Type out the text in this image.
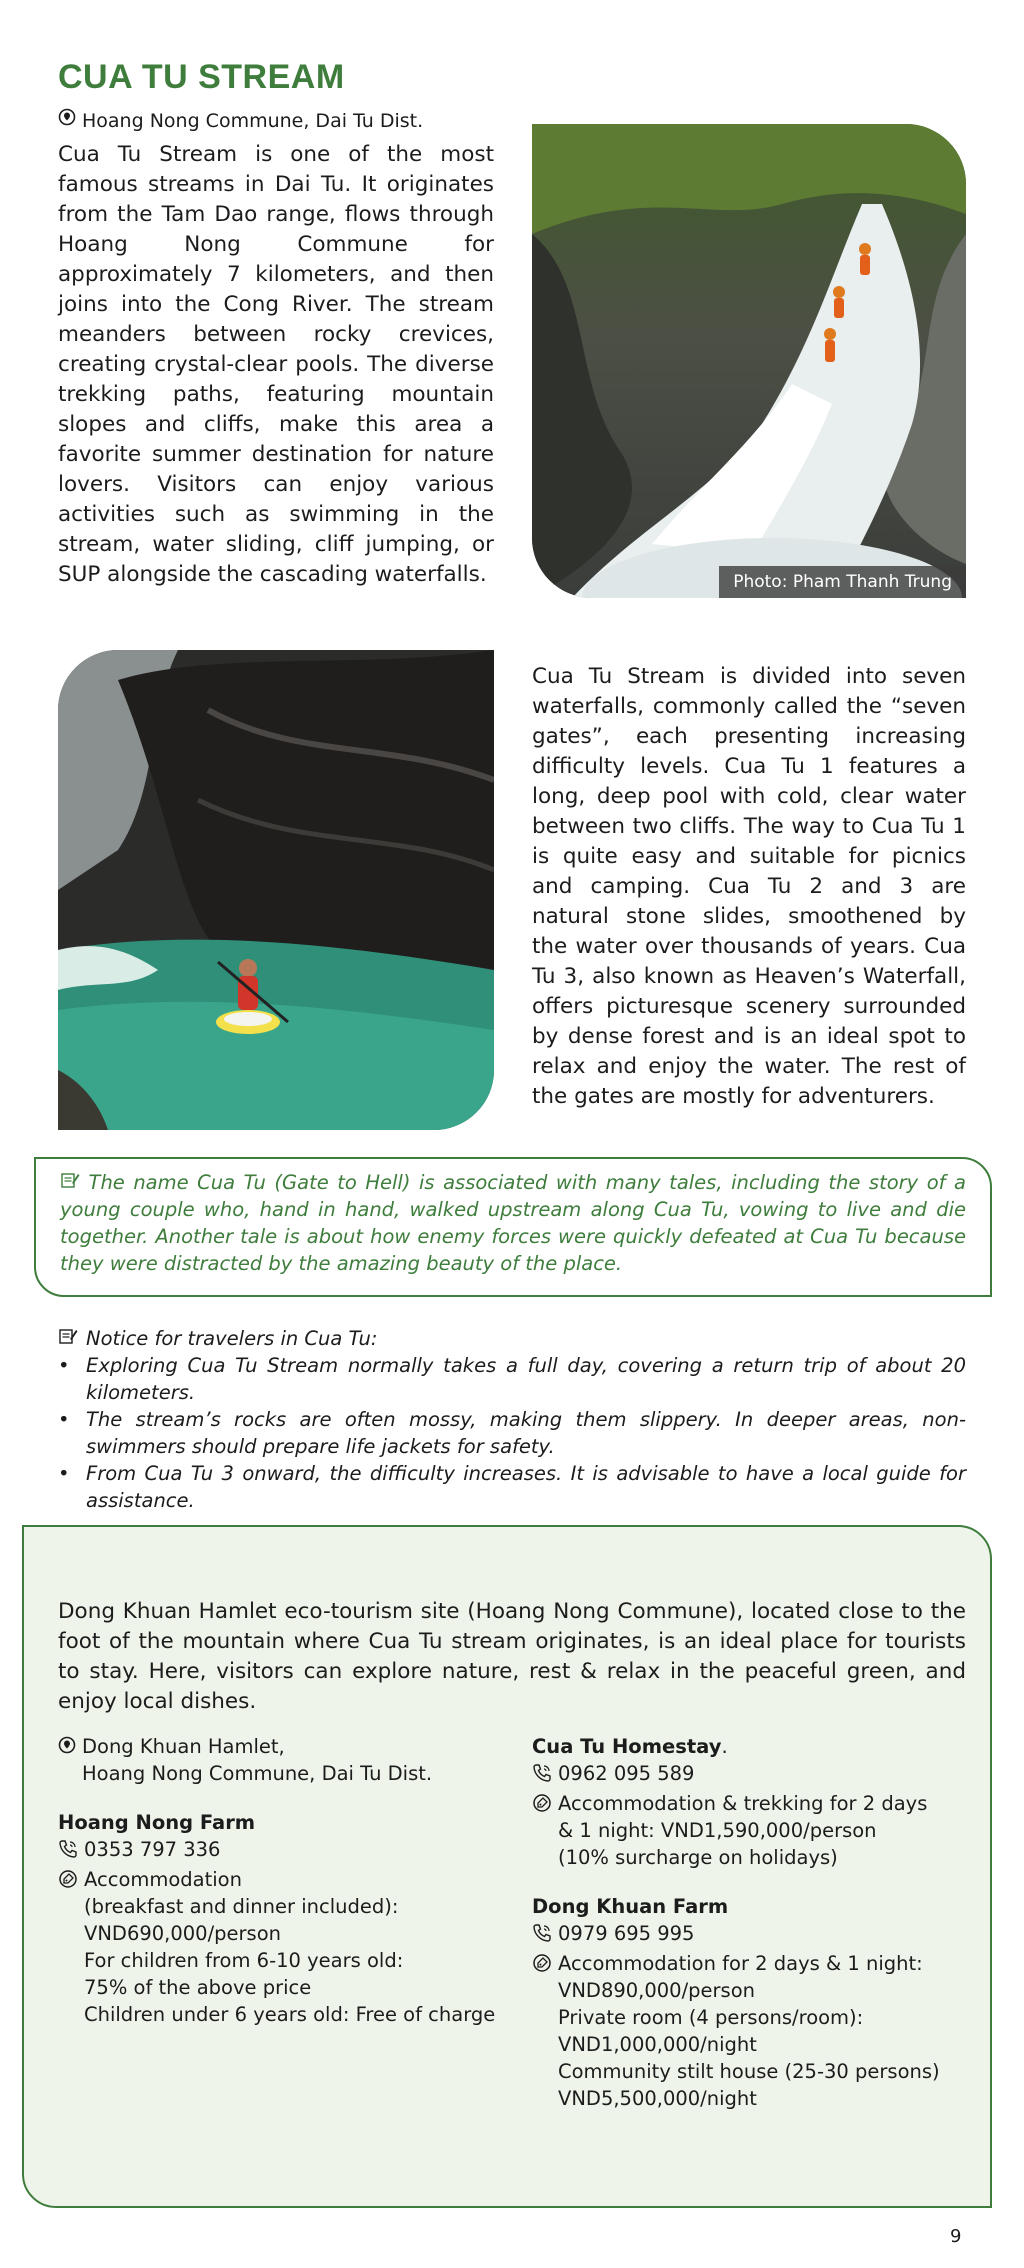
CUA TU STREAM
Hoang Nong Commune, Dai Tu Dist.

Cua Tu Stream is one of the most famous streams in Dai Tu. It originates from the Tam Dao range, flows through Hoang Nong Commune for approximately 7 kilometers, and then joins into the Cong River. The stream meanders between rocky crevices, creating crystal-clear pools. The diverse trekking paths, featuring mountain slopes and cliffs, make this area a favorite summer destination for nature lovers. Visitors can enjoy various activities such as swimming in the stream, water sliding, cliff jumping, or SUP alongside the cascading waterfalls.	Photo: Pham Thanh Trung

Cua Tu Stream is divided into seven waterfalls, commonly called the “seven gates”, each presenting increasing difficulty levels. Cua Tu 1 features a long, deep pool with cold, clear water between two cliffs. The way to Cua Tu 1 is quite easy and suitable for picnics and camping. Cua Tu 2 and 3 are natural stone slides, smoothened by the water over thousands of years. Cua Tu 3, also known as Heaven’s Waterfall, offers picturesque scenery surrounded by dense forest and is an ideal spot to relax and enjoy the water. The rest of the gates are mostly for adventurers.

The name Cua Tu (Gate to Hell) is associated with many tales, including the story of a young couple who, hand in hand, walked upstream along Cua Tu, vowing to live and die together. Another tale is about how enemy forces were quickly defeated at Cua Tu because they were distracted by the amazing beauty of the place.

Notice for travelers in Cua Tu:
• Exploring Cua Tu Stream normally takes a full day, covering a return trip of about 20 kilometers.
• The stream’s rocks are often mossy, making them slippery. In deeper areas, non-swimmers should prepare life jackets for safety.
• From Cua Tu 3 onward, the difficulty increases. It is advisable to have a local guide for assistance.

Dong Khuan Hamlet eco-tourism site (Hoang Nong Commune), located close to the foot of the mountain where Cua Tu stream originates, is an ideal place for tourists to stay. Here, visitors can explore nature, rest & relax in the peaceful green, and enjoy local dishes.

Dong Khuan Hamlet,
Hoang Nong Commune, Dai Tu Dist.
Hoang Nong Farm
0353 797 336
Accommodation
(breakfast and dinner included):
VND690,000/person
For children from 6-10 years old:
75% of the above price
Children under 6 years old: Free of charge
Cua Tu Homestay.
0962 095 589
Accommodation & trekking for 2 days
& 1 night: VND1,590,000/person
(10% surcharge on holidays)
Dong Khuan Farm
0979 695 995
Accommodation for 2 days & 1 night:
VND890,000/person
Private room (4 persons/room):
VND1,000,000/night
Community stilt house (25-30 persons)
VND5,500,000/night
9
